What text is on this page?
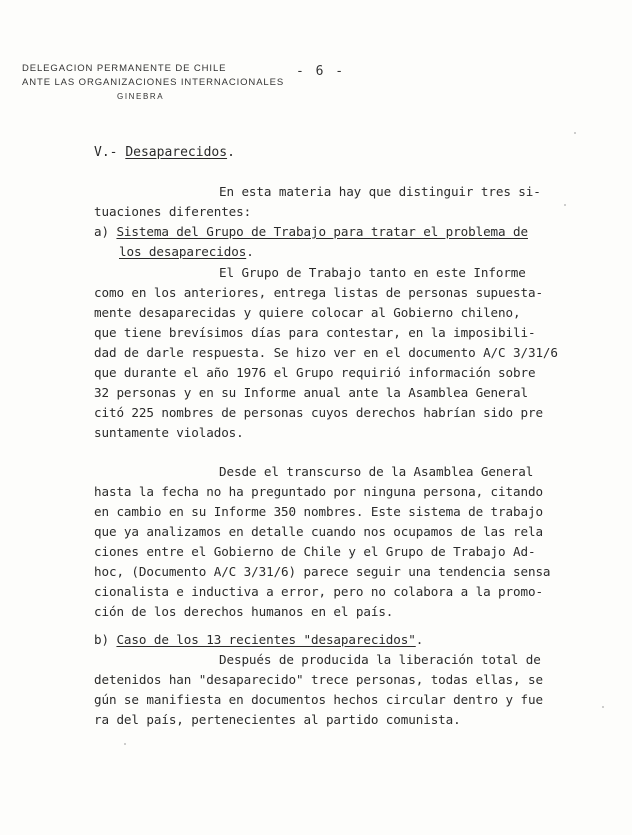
DELEGACION PERMANENTE DE CHILE
ANTE LAS ORGANIZACIONES INTERNACIONALES
GINEBRA
- 6 -
V.- Desaparecidos.
En esta materia hay que distinguir tres si-
tuaciones diferentes:
a) Sistema del Grupo de Trabajo para tratar el problema de
los desaparecidos.
El Grupo de Trabajo tanto en este Informe
como en los anteriores, entrega listas de personas supuesta-
mente desaparecidas y quiere colocar al Gobierno chileno,
que tiene brevísimos días para contestar, en la imposibili-
dad de darle respuesta. Se hizo ver en el documento A/C 3/31/6
que durante el año 1976 el Grupo requirió información sobre
32 personas y en su Informe anual ante la Asamblea General
citó 225 nombres de personas cuyos derechos habrían sido pre
suntamente violados.
Desde el transcurso de la Asamblea General
hasta la fecha no ha preguntado por ninguna persona, citando
en cambio en su Informe 350 nombres. Este sistema de trabajo
que ya analizamos en detalle cuando nos ocupamos de las rela
ciones entre el Gobierno de Chile y el Grupo de Trabajo Ad-
hoc, (Documento A/C 3/31/6) parece seguir una tendencia sensa
cionalista e inductiva a error, pero no colabora a la promo-
ción de los derechos humanos en el país.
b) Caso de los 13 recientes "desaparecidos".
Después de producida la liberación total de
detenidos han "desaparecido" trece personas, todas ellas, se
gún se manifiesta en documentos hechos circular dentro y fue
ra del país, pertenecientes al partido comunista.
